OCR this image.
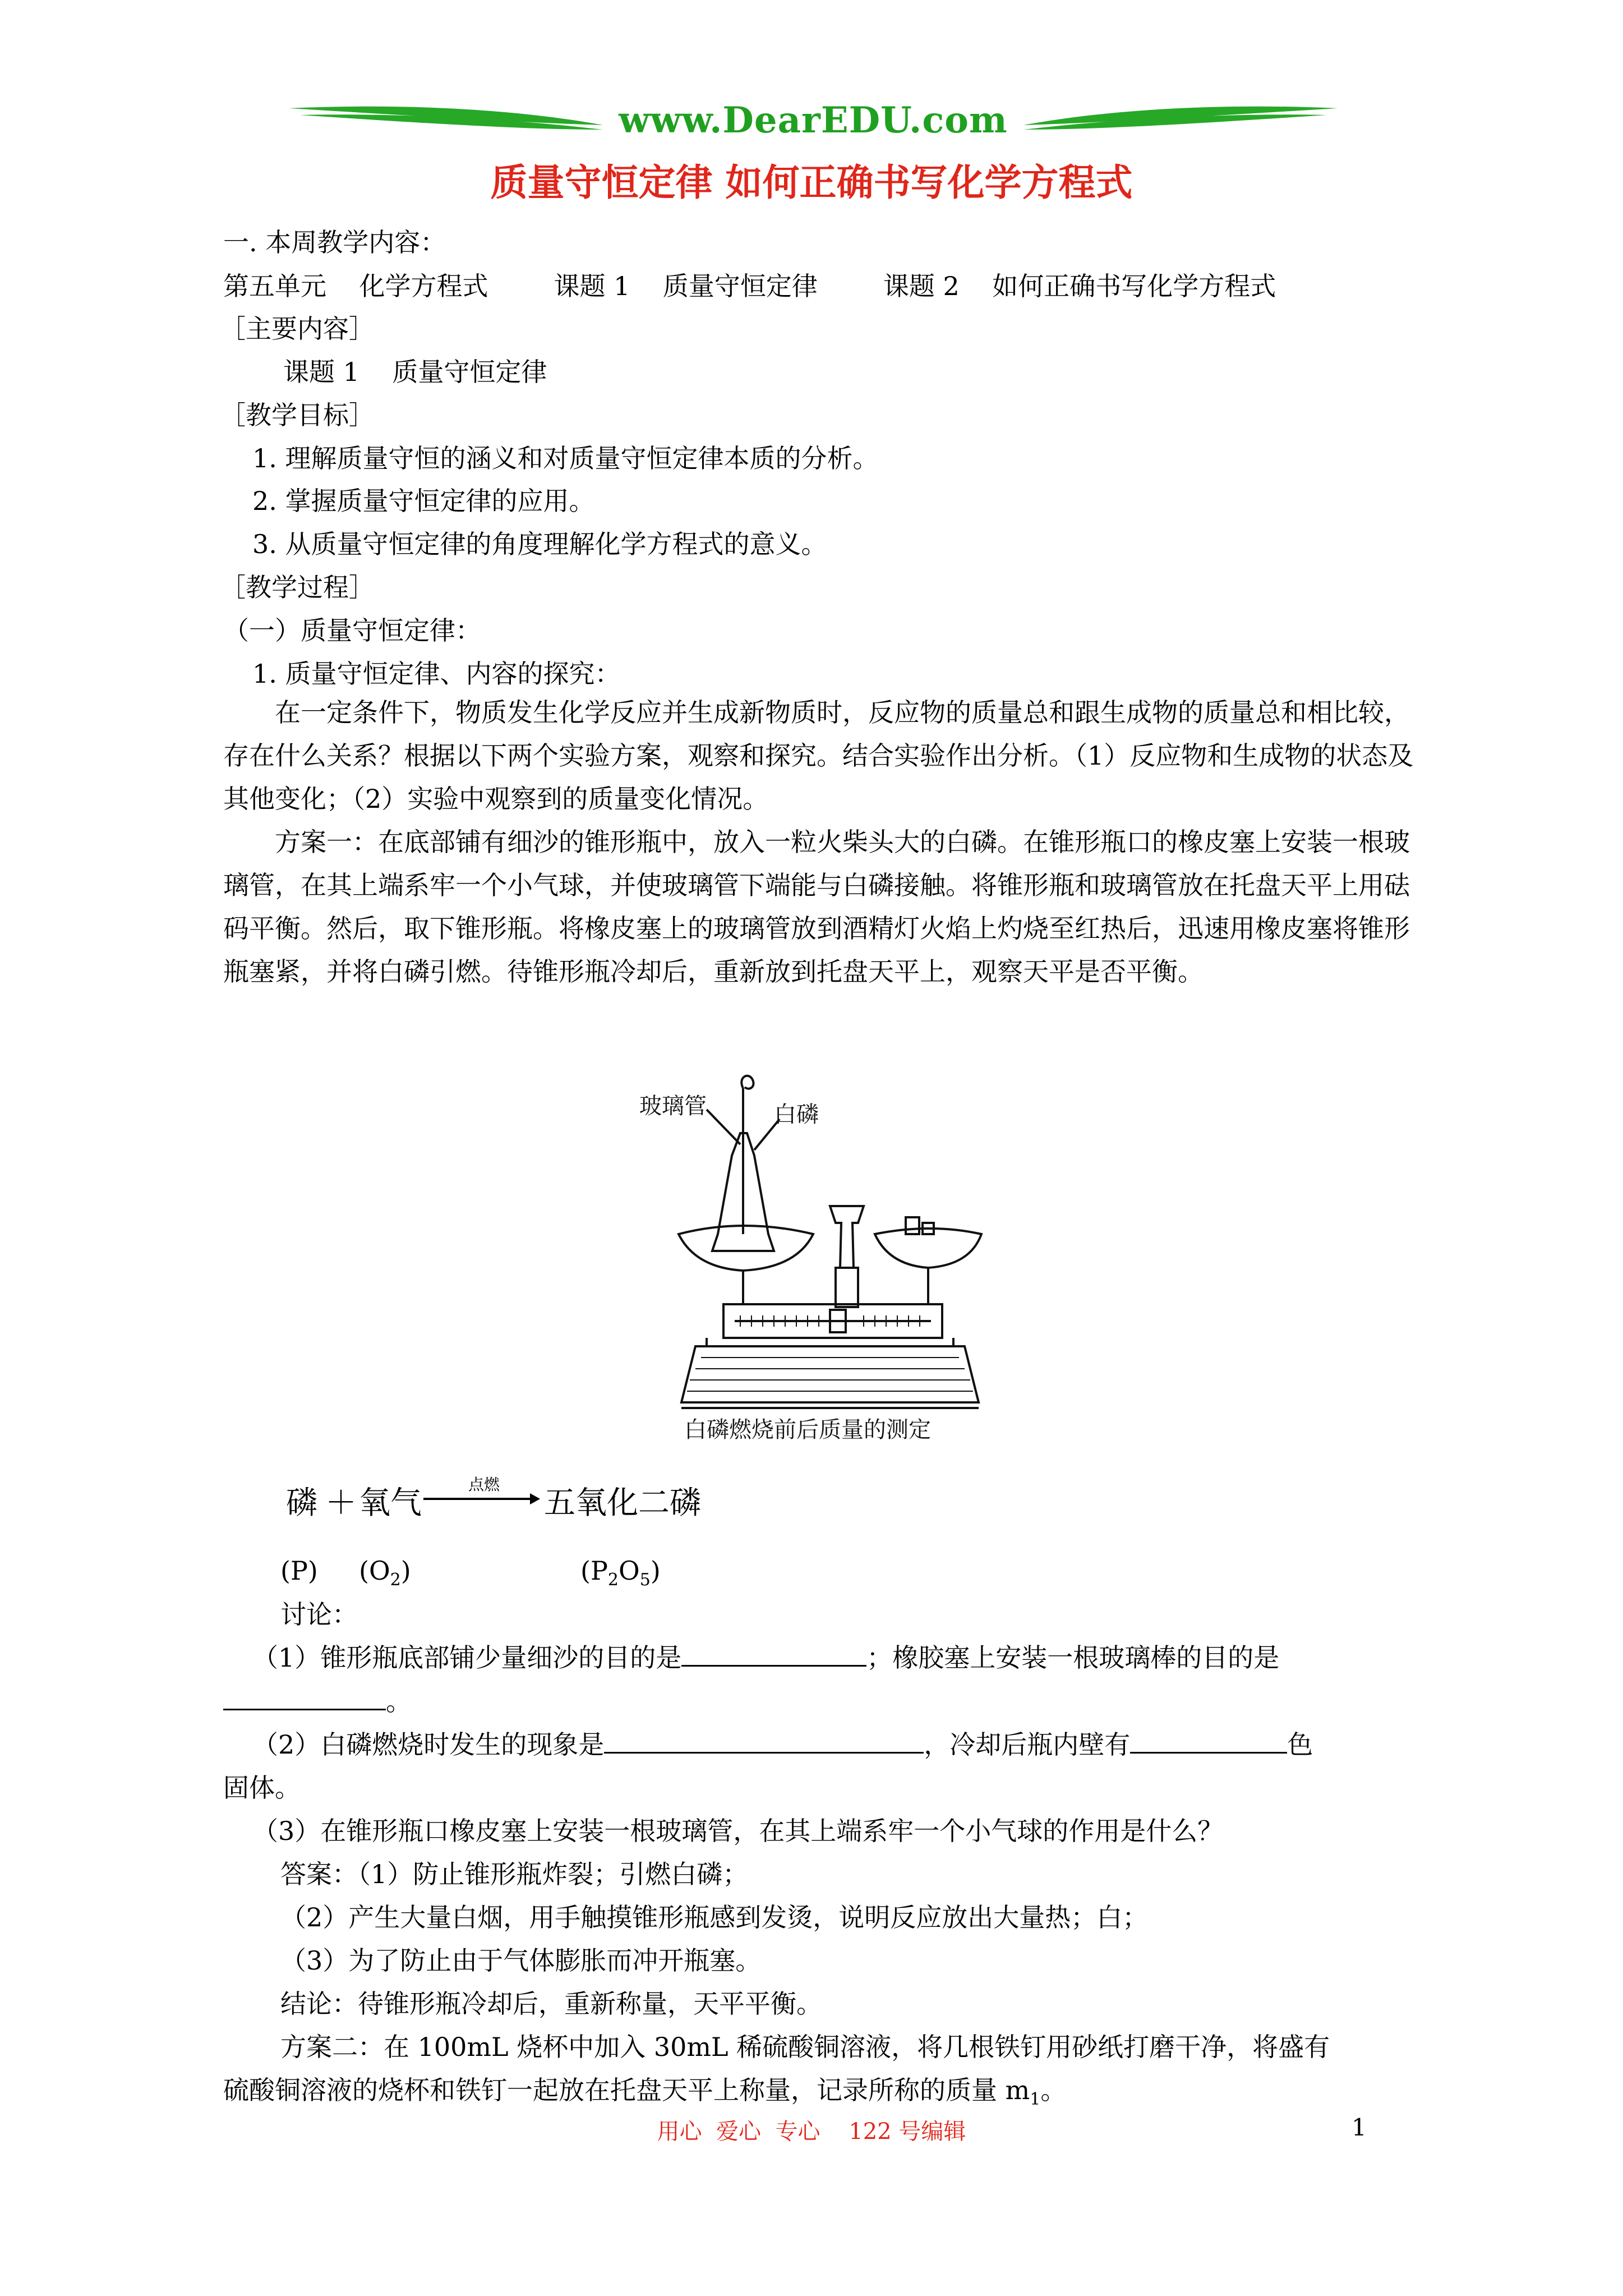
www.DearEDU.com
质量守恒定律 如何正确书写化学方程式
一. 本周教学内容：
第五单元    化学方程式        课题 1    质量守恒定律        课题 2    如何正确书写化学方程式
［主要内容］
课题 1    质量守恒定律
［教学目标］
1. 理解质量守恒的涵义和对质量守恒定律本质的分析。
2. 掌握质量守恒定律的应用。
3. 从质量守恒定律的角度理解化学方程式的意义。
［教学过程］
（一）质量守恒定律：
1. 质量守恒定律、内容的探究：
在一定条件下，物质发生化学反应并生成新物质时，反应物的质量总和跟生成物的质量总和相比较，存在什么关系？根据以下两个实验方案，观察和探究。结合实验作出分析。（1）反应物和生成物的状态及其他变化；（2）实验中观察到的质量变化情况。
方案一：在底部铺有细沙的锥形瓶中，放入一粒火柴头大的白磷。在锥形瓶口的橡皮塞上安装一根玻璃管，在其上端系牢一个小气球，并使玻璃管下端能与白磷接触。将锥形瓶和玻璃管放在托盘天平上用砝码平衡。然后，取下锥形瓶。将橡皮塞上的玻璃管放到酒精灯火焰上灼烧至红热后，迅速用橡皮塞将锥形瓶塞紧，并将白磷引燃。待锥形瓶冷却后，重新放到托盘天平上，观察天平是否平衡。
玻璃管	白磷
白磷燃烧前后质量的测定
磷 ＋ 氧气
点燃
→ 五氧化二磷
(P) $(O_2)$	$(P_2O_5)$
讨论：
（1）锥形瓶底部铺少量细沙的目的是	；橡胶塞上安装一根玻璃棒的目的是
。
（2）白磷燃烧时发生的现象是	，冷却后瓶内壁有	色
固体。
（3）在锥形瓶口橡皮塞上安装一根玻璃管，在其上端系牢一个小气球的作用是什么？
答案：（1）防止锥形瓶炸裂；引燃白磷；
（2）产生大量白烟，用手触摸锥形瓶感到发烫，说明反应放出大量热；白；
（3）为了防止由于气体膨胀而冲开瓶塞。
结论：待锥形瓶冷却后，重新称量，天平平衡。
方案二：在 100mL 烧杯中加入 30mL 稀硫酸铜溶液，将几根铁钉用砂纸打磨干净，将盛有
硫酸铜溶液的烧杯和铁钉一起放在托盘天平上称量，记录所称的质量 $m_1$。
用心  爱心  专心    122 号编辑	1
